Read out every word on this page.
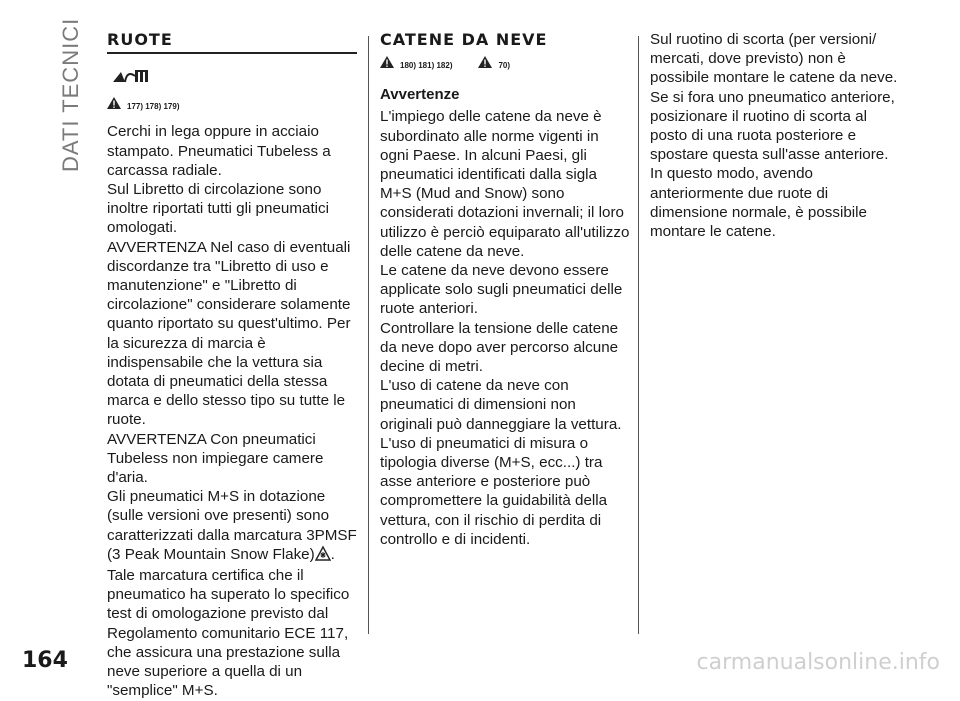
DATI TECNICI RUOTE
177) 178) 179)

Cerchi in lega oppure in acciaio stampato. Pneumatici Tubeless a carcassa radiale.

Sul Libretto di circolazione sono inoltre riportati tutti gli pneumatici omologati.

AVVERTENZA Nel caso di eventuali discordanze tra "Libretto di uso e manutenzione" e "Libretto di circolazione" considerare solamente quanto riportato su quest'ultimo. Per la sicurezza di marcia è indispensabile che la vettura sia dotata di pneumatici della stessa marca e dello stesso tipo su tutte le ruote.

AVVERTENZA Con pneumatici Tubeless non impiegare camere d'aria.

Gli pneumatici M+S in dotazione (sulle versioni ove presenti) sono caratterizzati dalla marcatura 3PMSF (3 Peak Mountain Snow Flake) . Tale marcatura certifica che il pneumatico ha superato lo specifico test di omologazione previsto dal Regolamento comunitario ECE 117, che assicura una prestazione sulla neve superiore a quella di un "semplice" M+S.

CATENE DA NEVE
180) 181) 182)	70)
Avvertenze

L'impiego delle catene da neve è subordinato alle norme vigenti in ogni Paese. In alcuni Paesi, gli pneumatici identificati dalla sigla M+S (Mud and Snow) sono considerati dotazioni invernali; il loro utilizzo è perciò equiparato all'utilizzo delle catene da neve.

Le catene da neve devono essere applicate solo sugli pneumatici delle ruote anteriori.

Controllare la tensione delle catene da neve dopo aver percorso alcune decine di metri.

L'uso di catene da neve con pneumatici di dimensioni non originali può danneggiare la vettura.

L'uso di pneumatici di misura o tipologia diverse (M+S, ecc...) tra asse anteriore e posteriore può compromettere la guidabilità della vettura, con il rischio di perdita di controllo e di incidenti.

Sul ruotino di scorta (per versioni/ mercati, dove previsto) non è possibile montare le catene da neve. Se si fora uno pneumatico anteriore, posizionare il ruotino di scorta al posto di una ruota posteriore e spostare questa sull'asse anteriore. In questo modo, avendo anteriormente due ruote di dimensione normale, è possibile montare le catene.

164	carmanualsonline.info
